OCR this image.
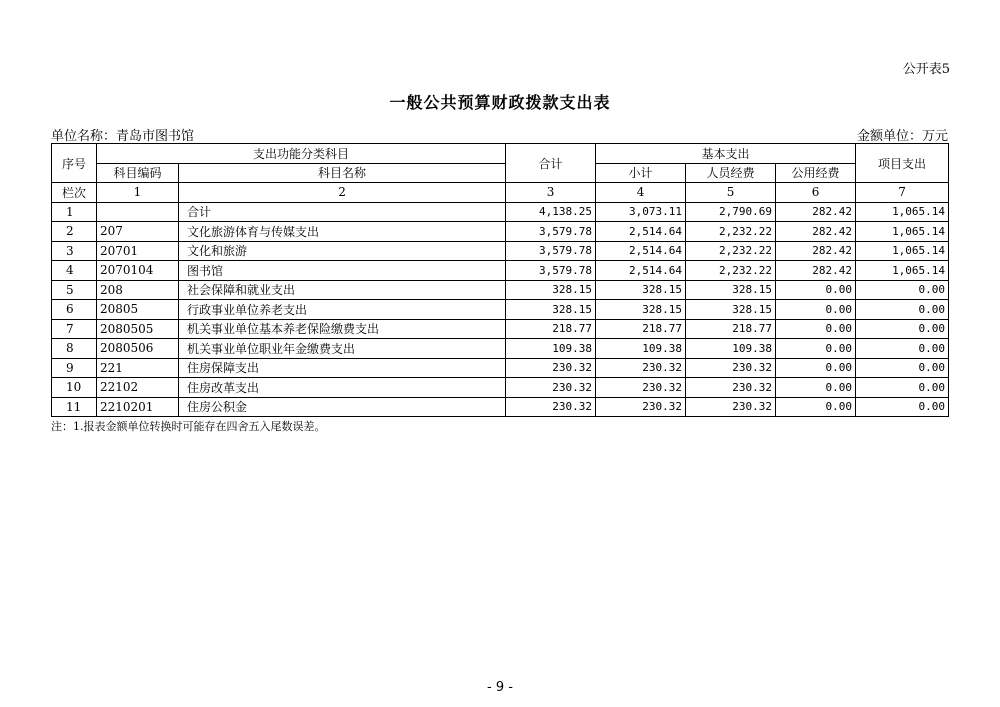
公开表5
一般公共预算财政拨款支出表
单位名称：青岛市图书馆	金额单位：万元
序号	支出功能分类科目		合计	基本支出			项目支出
	科目编码	科目名称		小计	人员经费	公用经费	
栏次	1	2	3	4	5	6	7
1		合计	4,138.25	3,073.11	2,790.69	282.42	1,065.14
2	207	文化旅游体育与传媒支出	3,579.78	2,514.64	2,232.22	282.42	1,065.14
3	20701	文化和旅游	3,579.78	2,514.64	2,232.22	282.42	1,065.14
4	2070104	图书馆	3,579.78	2,514.64	2,232.22	282.42	1,065.14
5	208	社会保障和就业支出	328.15	328.15	328.15	0.00	0.00
6	20805	行政事业单位养老支出	328.15	328.15	328.15	0.00	0.00
7	2080505	机关事业单位基本养老保险缴费支出	218.77	218.77	218.77	0.00	0.00
8	2080506	机关事业单位职业年金缴费支出	109.38	109.38	109.38	0.00	0.00
9	221	住房保障支出	230.32	230.32	230.32	0.00	0.00
10	22102	住房改革支出	230.32	230.32	230.32	0.00	0.00
11	2210201	住房公积金	230.32	230.32	230.32	0.00	0.00
注：1.报表金额单位转换时可能存在四舍五入尾数误差。
- 9 -
